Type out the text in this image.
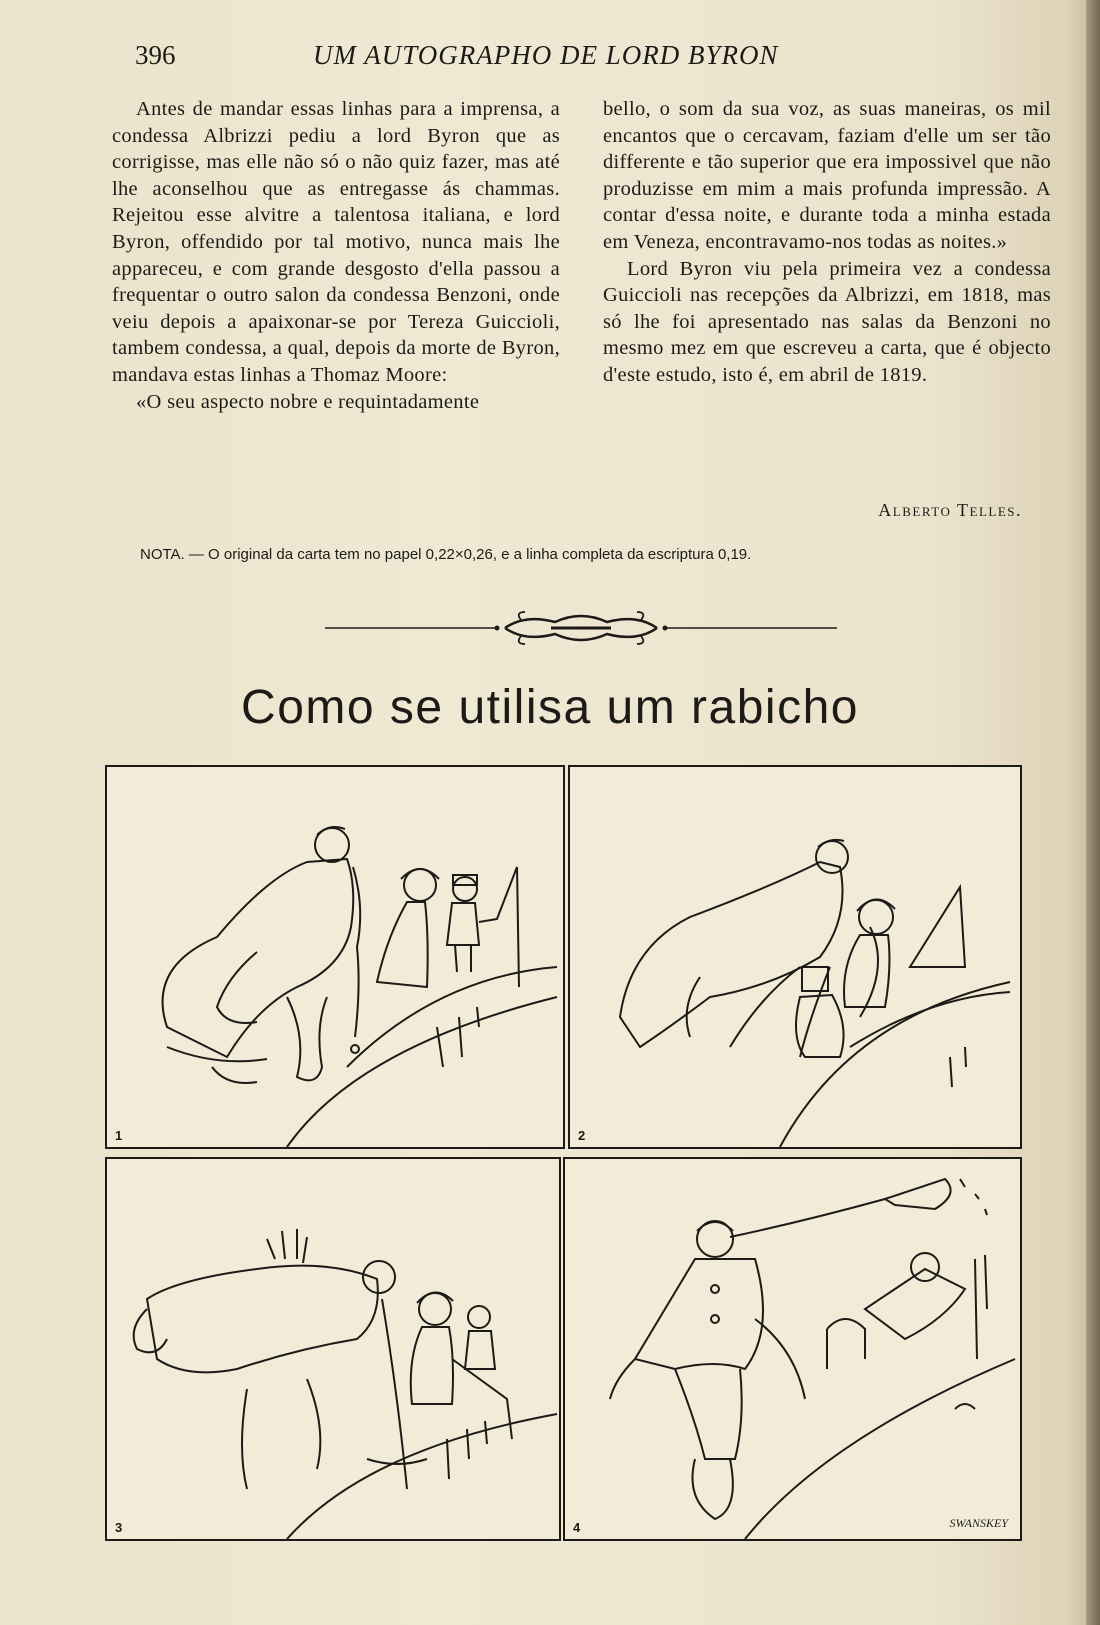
396	UM AUTOGRAPHO DE LORD BYRON

Antes de mandar essas linhas para a imprensa, a condessa Albrizzi pediu a lord Byron que as corrigisse, mas elle não só o não quiz fazer, mas até lhe aconselhou que as entregasse ás chammas. Rejeitou esse alvitre a talentosa italiana, e lord Byron, offendido por tal motivo, nunca mais lhe appareceu, e com grande desgosto d'ella passou a frequentar o outro salon da condessa Benzoni, onde veiu depois a apaixonar-se por Tereza Guiccioli, tambem condessa, a qual, depois da morte de Byron, mandava estas linhas a Thomaz Moore:

«O seu aspecto nobre e requintadamente

bello, o som da sua voz, as suas maneiras, os mil encantos que o cercavam, faziam d'elle um ser tão differente e tão superior que era impossivel que não produzisse em mim a mais profunda impressão. A contar d'essa noite, e durante toda a minha estada em Veneza, encontravamo-nos todas as noites.»

Lord Byron viu pela primeira vez a condessa Guiccioli nas recepções da Albrizzi, em 1818, mas só lhe foi apresentado nas salas da Benzoni no mesmo mez em que escreveu a carta, que é objecto d'este estudo, isto é, em abril de 1819.

Alberto Telles.
NOTA. — O original da carta tem no papel 0,22×0,26, e a linha completa da escriptura 0,19.
Como se utilisa um rabicho
1	2
3	4	SWANSKEY
